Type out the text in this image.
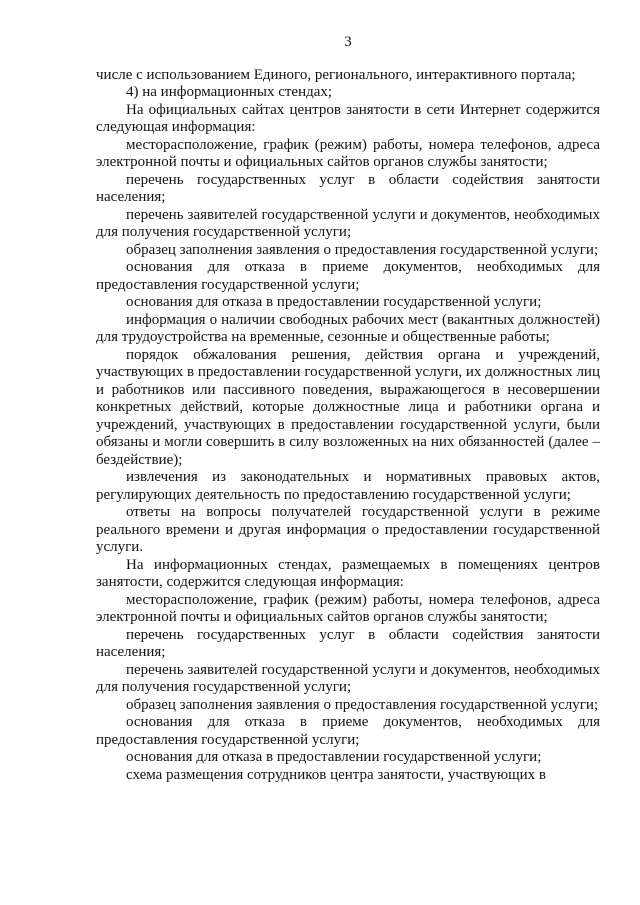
3

числе с использованием Единого, регионального, интерактивного портала;

4) на информационных стендах;

На официальных сайтах центров занятости в сети Интернет содержится следующая информация:

месторасположение, график (режим) работы, номера телефонов, адреса электронной почты и официальных сайтов органов службы занятости;

перечень государственных услуг в области содействия занятости населения;

перечень заявителей государственной услуги и документов, необходимых для получения государственной услуги;

образец заполнения заявления о предоставления государственной услуги;

основания для отказа в приеме документов, необходимых для предоставления государственной услуги;

основания для отказа в предоставлении государственной услуги;

информация о наличии свободных рабочих мест (вакантных должностей) для трудоустройства на временные, сезонные и общественные работы;

порядок обжалования решения, действия органа и учреждений, участвующих в предоставлении государственной услуги, их должностных лиц и работников или пассивного поведения, выражающегося в несовершении конкретных действий, которые должностные лица и работники органа и учреждений, участвующих в предоставлении государственной услуги, были обязаны и могли совершить в силу возложенных на них обязанностей (далее – бездействие);

извлечения из законодательных и нормативных правовых актов, регулирующих деятельность по предоставлению государственной услуги;

ответы на вопросы получателей государственной услуги в режиме реального времени и другая информация о предоставлении государственной услуги.

На информационных стендах, размещаемых в помещениях центров занятости, содержится следующая информация:

месторасположение, график (режим) работы, номера телефонов, адреса электронной почты и официальных сайтов органов службы занятости;

перечень государственных услуг в области содействия занятости населения;

перечень заявителей государственной услуги и документов, необходимых для получения государственной услуги;

образец заполнения заявления о предоставления государственной услуги;

основания для отказа в приеме документов, необходимых для предоставления государственной услуги;

основания для отказа в предоставлении государственной услуги;

схема размещения сотрудников центра занятости, участвующих в
